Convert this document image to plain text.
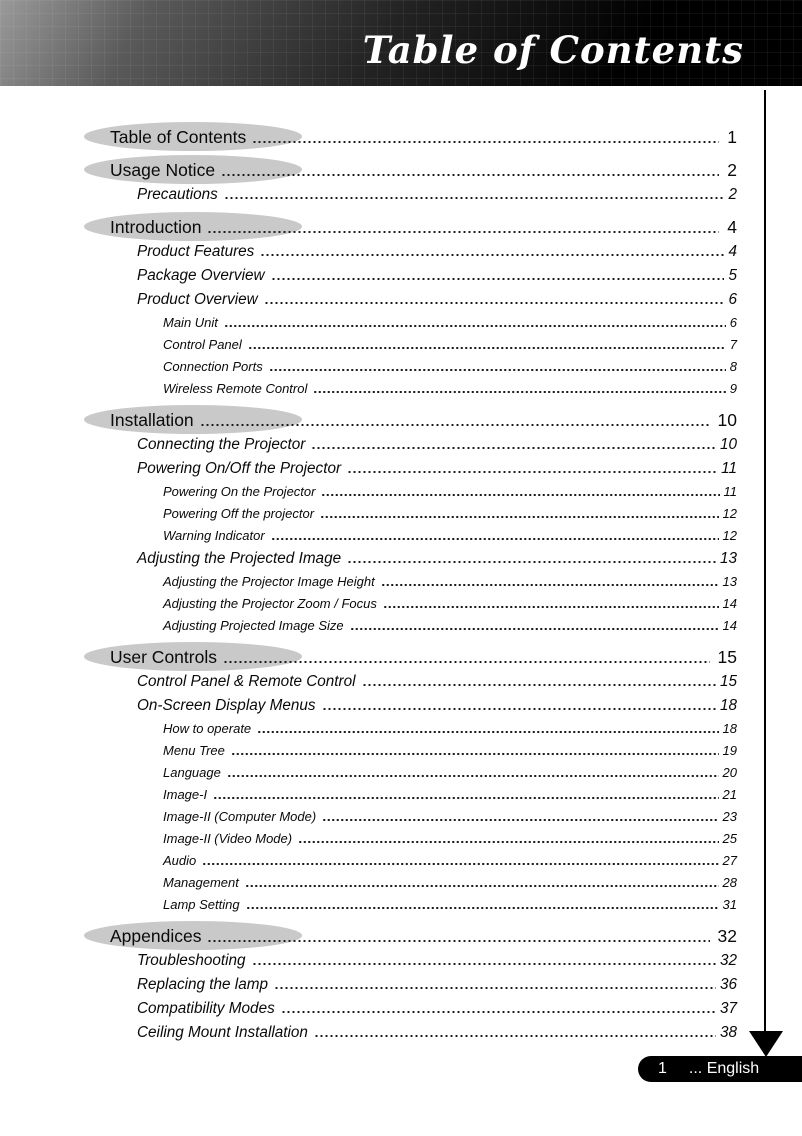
Table of Contents
Table of Contents	1
Usage Notice	2
Precautions	2
Introduction	4
Product Features	4
Package Overview	5
Product Overview	6
Main Unit	6
Control Panel	7
Connection Ports	8
Wireless Remote Control	9
Installation	10
Connecting the Projector	10
Powering On/Off the Projector	11
Powering On the Projector	11
Powering Off the projector	12
Warning Indicator	12
Adjusting the Projected Image	13
Adjusting the Projector Image Height	13
Adjusting the Projector Zoom / Focus	14
Adjusting Projected Image Size	14
User Controls	15
Control Panel & Remote Control	15
On-Screen Display Menus	18
How to operate	18
Menu Tree	19
Language	20
Image-I	21
Image-II (Computer Mode)	23
Image-II (Video Mode)	25
Audio	27
Management	28
Lamp Setting	31
Appendices	32
Troubleshooting	32
Replacing the lamp	36
Compatibility Modes	37
Ceiling Mount Installation	38
1 ... English
